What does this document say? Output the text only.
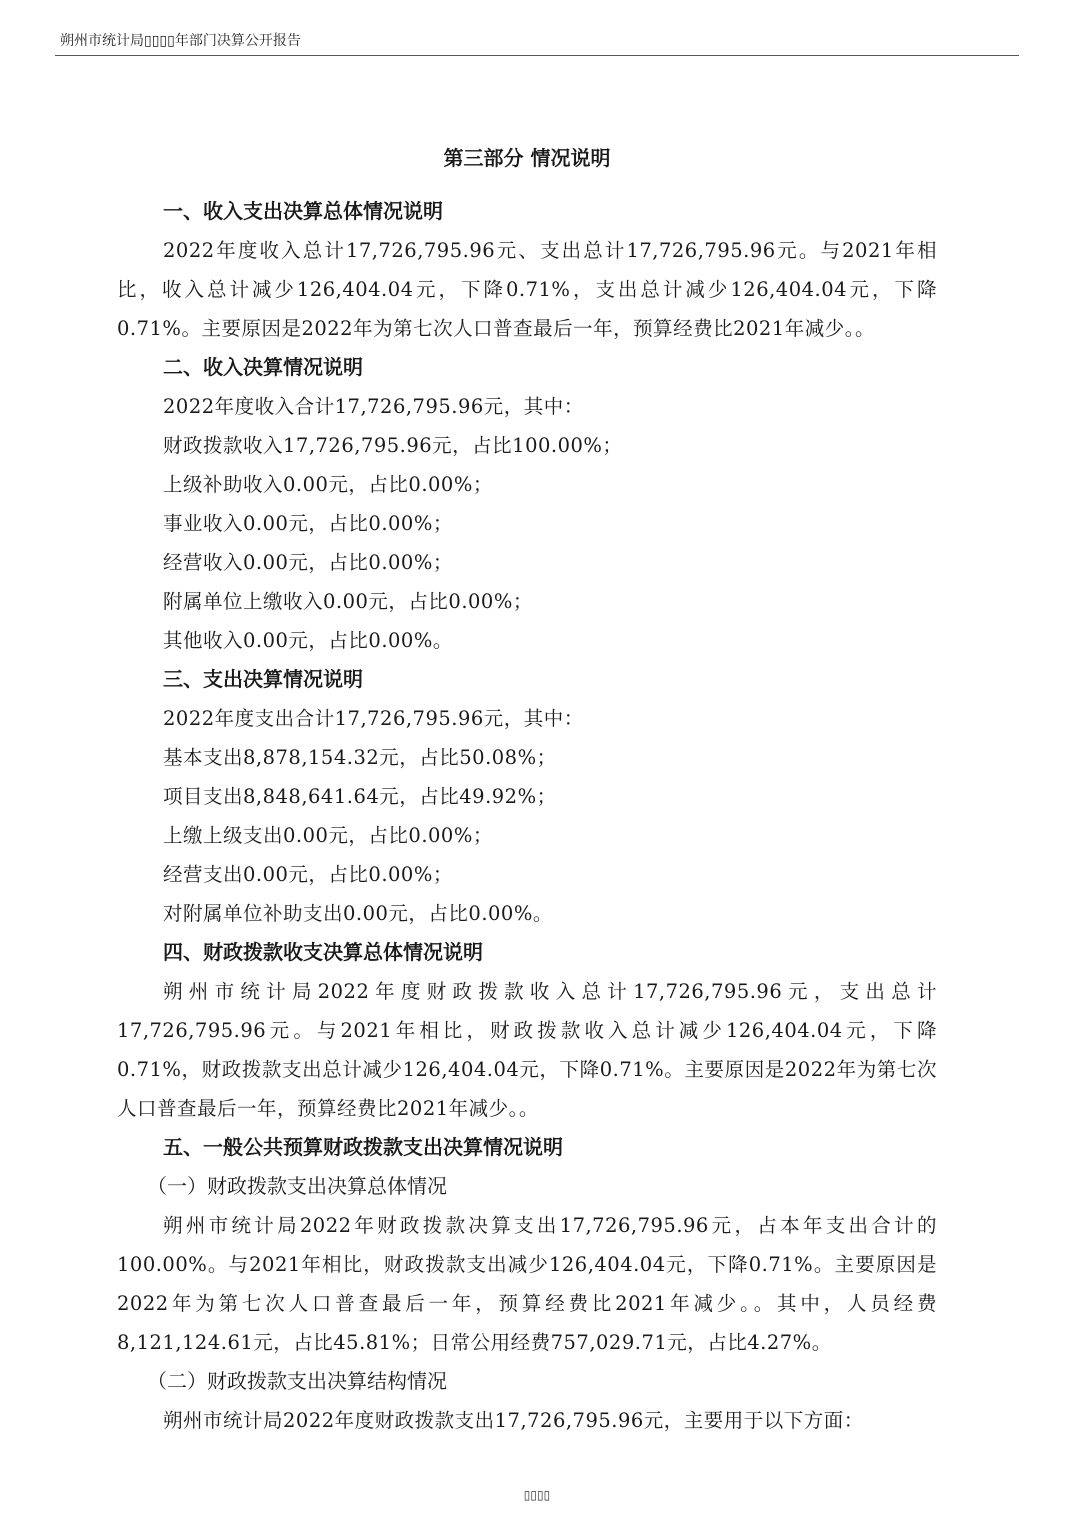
朔州市统计局▯▯▯▯年部门决算公开报告
第三部分 情况说明
一、收入支出决算总体情况说明

2022年度收入总计17,726,795.96元、支出总计17,726,795.96元。与2021年相比，收入总计减少126,404.04元，下降0.71%，支出总计减少126,404.04元，下降0.71%。主要原因是2022年为第七次人口普查最后一年，预算经费比2021年减少。。

二、收入决算情况说明
2022年度收入合计17,726,795.96元，其中：
财政拨款收入17,726,795.96元，占比100.00%；
上级补助收入0.00元，占比0.00%；
事业收入0.00元，占比0.00%；
经营收入0.00元，占比0.00%；
附属单位上缴收入0.00元，占比0.00%；
其他收入0.00元，占比0.00%。
三、支出决算情况说明
2022年度支出合计17,726,795.96元，其中：
基本支出8,878,154.32元，占比50.08%；
项目支出8,848,641.64元，占比49.92%；
上缴上级支出0.00元，占比0.00%；
经营支出0.00元，占比0.00%；
对附属单位补助支出0.00元，占比0.00%。
四、财政拨款收支决算总体情况说明

朔州市统计局2022年度财政拨款收入总计17,726,795.96元，支出总计17,726,795.96元。与2021年相比，财政拨款收入总计减少126,404.04元，下降0.71%，财政拨款支出总计减少126,404.04元，下降0.71%。主要原因是2022年为第七次人口普查最后一年，预算经费比2021年减少。。

五、一般公共预算财政拨款支出决算情况说明
（一）财政拨款支出决算总体情况

朔州市统计局2022年财政拨款决算支出17,726,795.96元，占本年支出合计的100.00%。与2021年相比，财政拨款支出减少126,404.04元，下降0.71%。主要原因是2022年为第七次人口普查最后一年，预算经费比2021年减少。。其中，人员经费8,121,124.61元，占比45.81%；日常公用经费757,029.71元，占比4.27%。

（二）财政拨款支出决算结构情况

朔州市统计局2022年度财政拨款支出17,726,795.96元，主要用于以下方面：

▯▯▯▯
